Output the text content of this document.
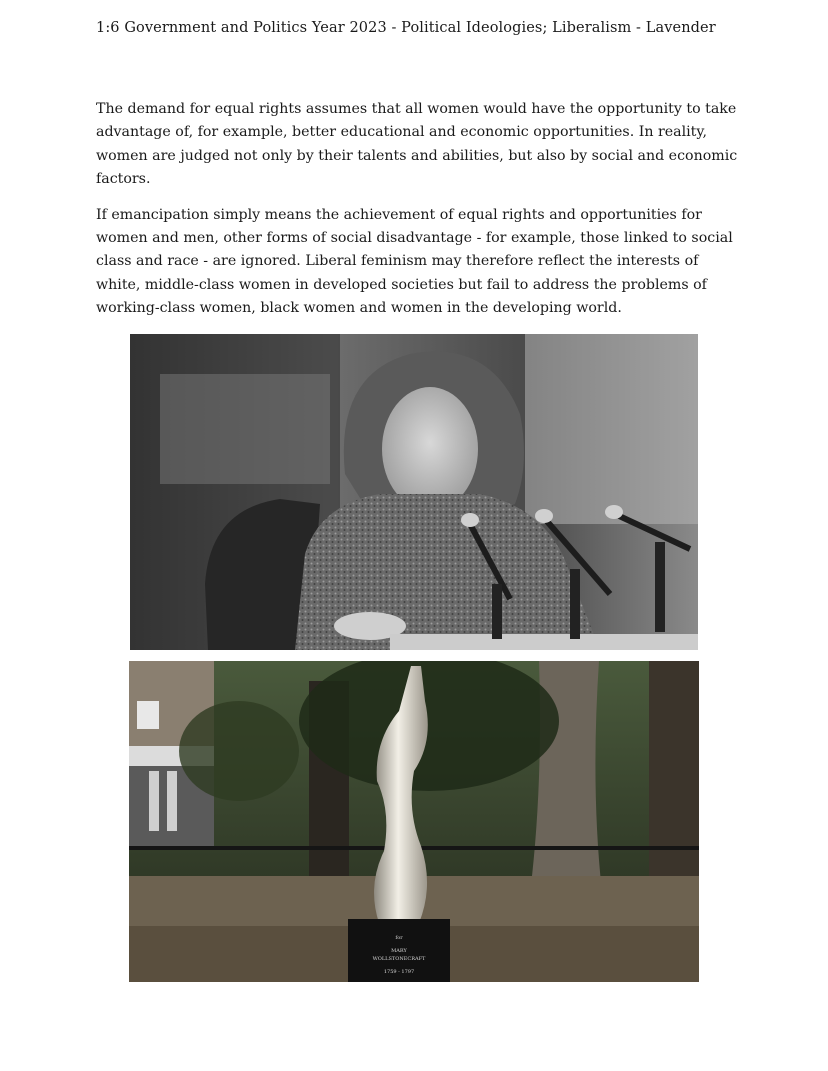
1:6 Government and Politics Year 2023 - Political Ideologies; Liberalism - Lavender

The demand for equal rights assumes that all women would have the opportunity to take advantage of, for example, better educational and economic opportunities. In reality, women are judged not only by their talents and abilities, but also by social and economic factors.

If emancipation simply means the achievement of equal rights and opportunities for women and men, other forms of social disadvantage - for example, those linked to social class and race - are ignored. Liberal feminism may therefore reflect the interests of white, middle-class women in developed societies but fail to address the problems of working-class women, black women and women in the developing world.

for
MARY
WOLLSTONECRAFT
1759 - 1797
